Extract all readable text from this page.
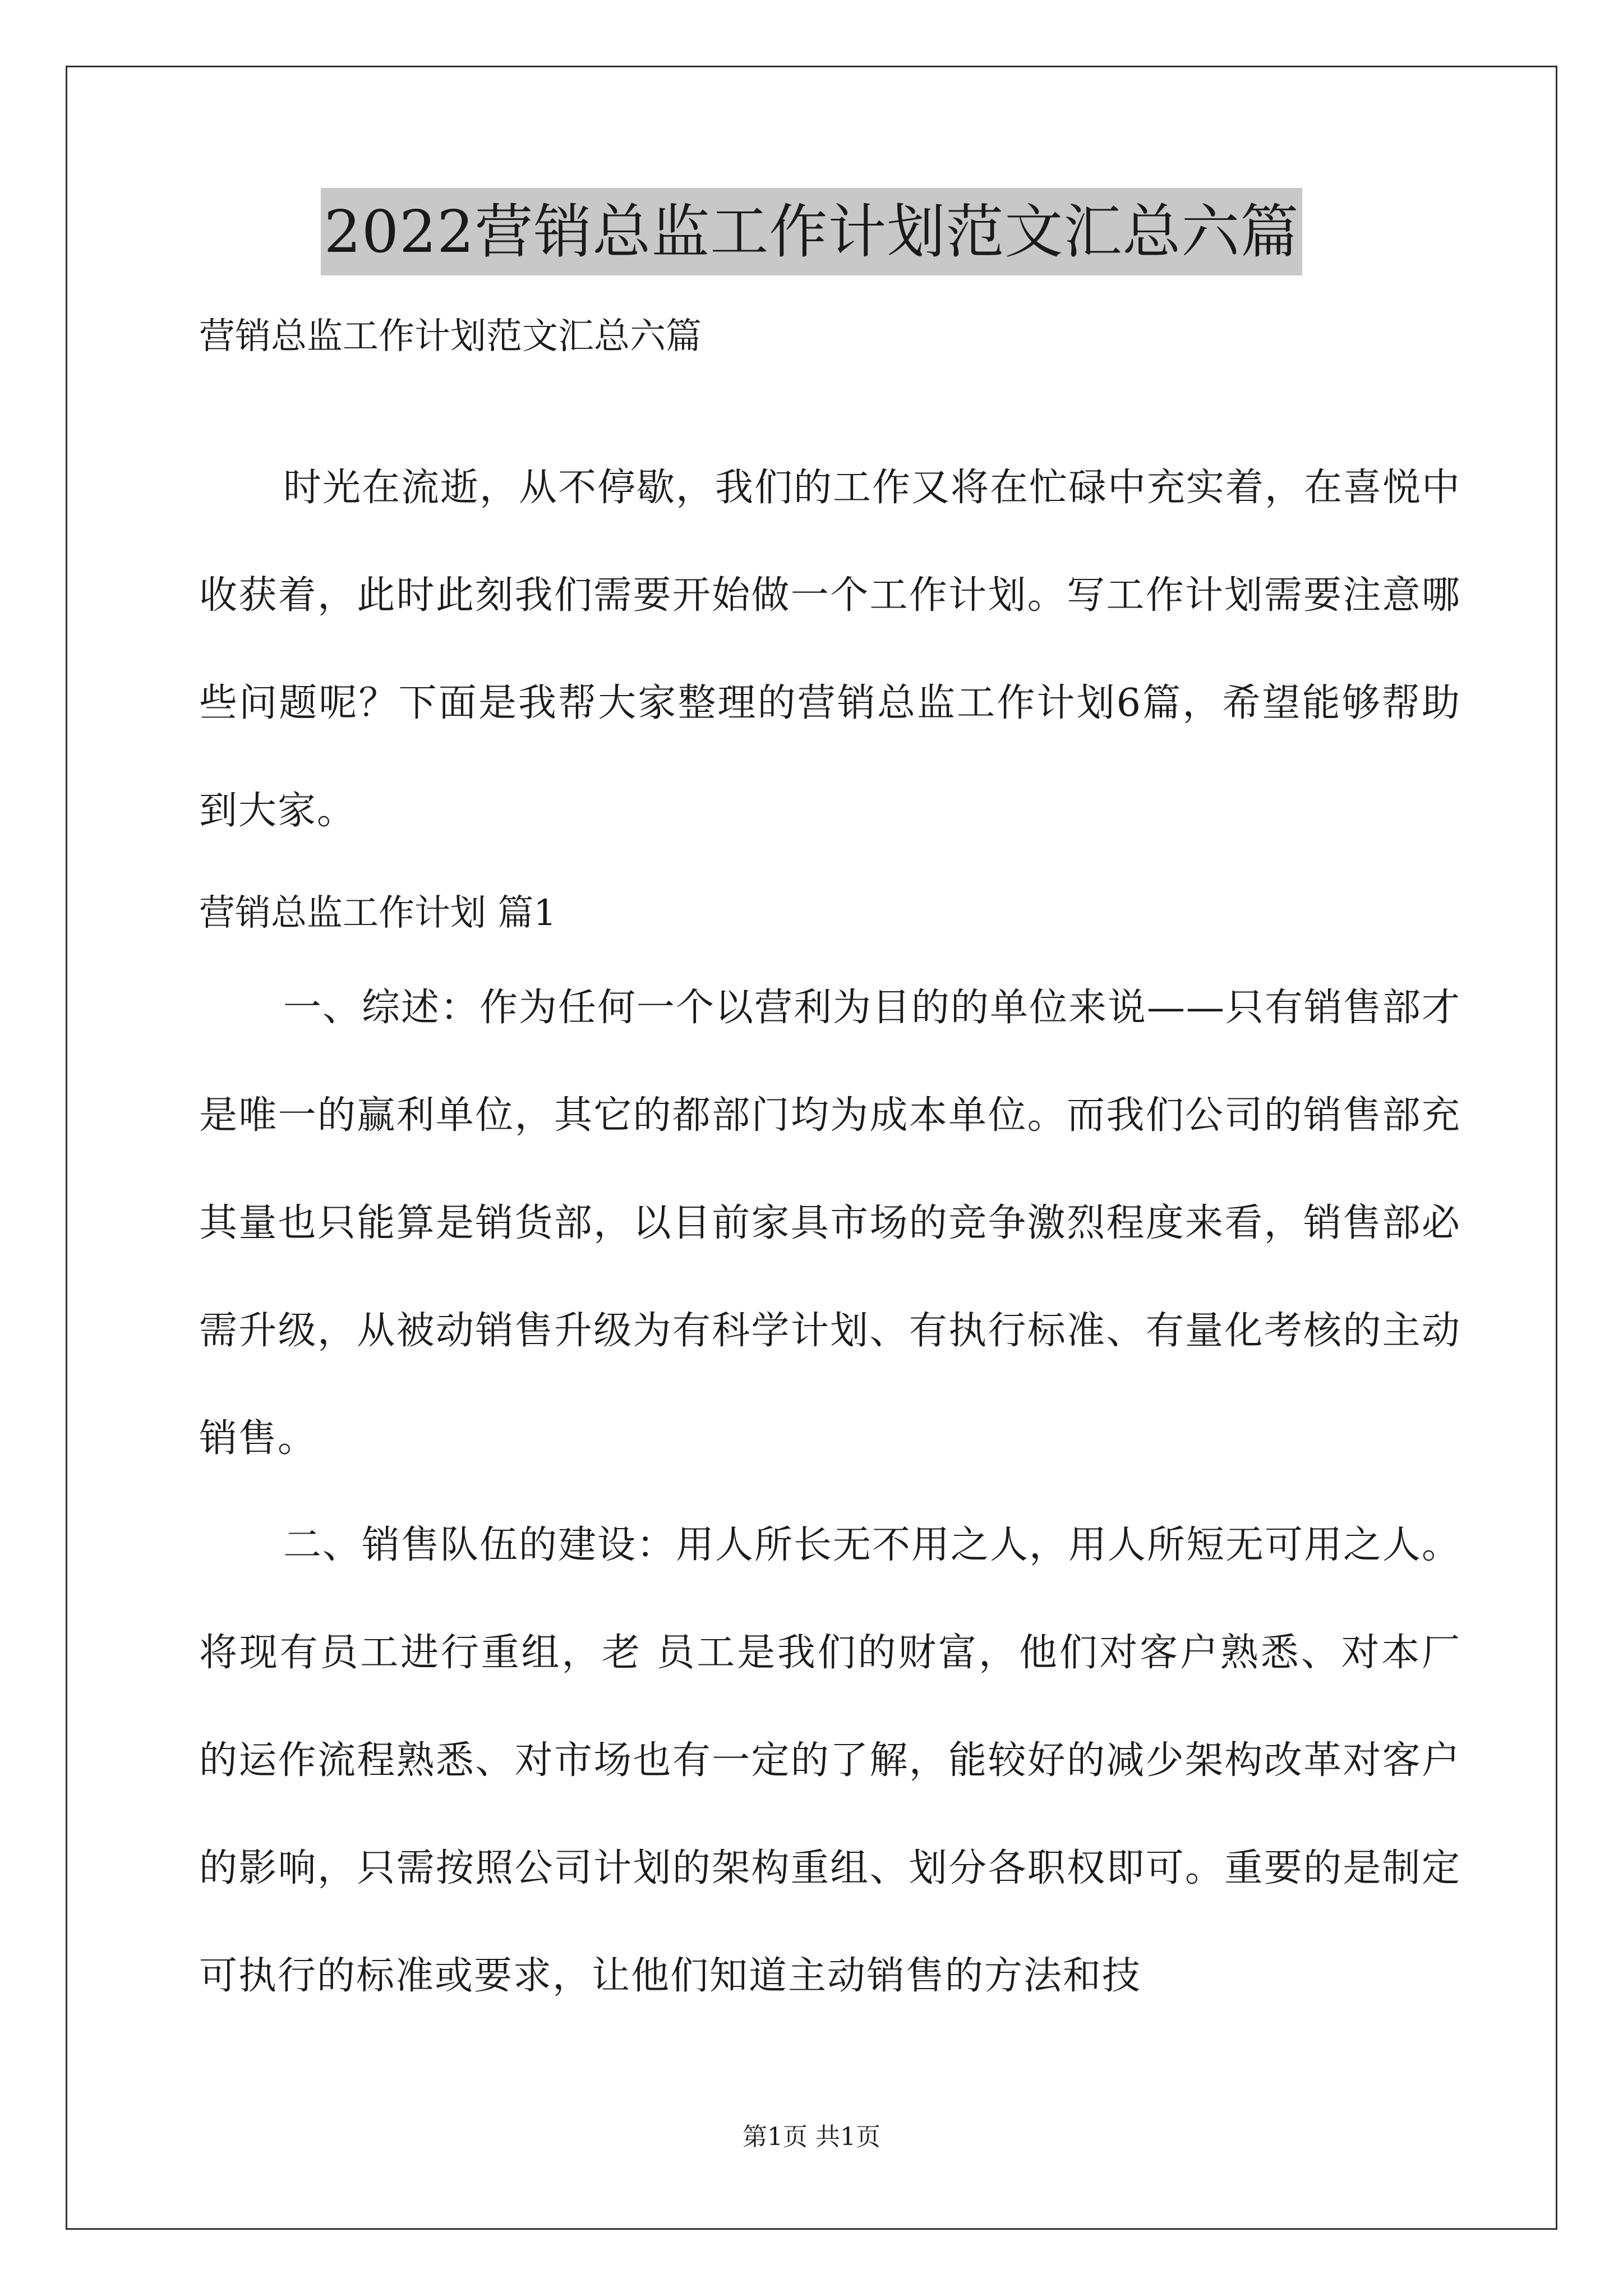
2022营销总监工作计划范文汇总六篇
营销总监工作计划范文汇总六篇

时光在流逝，从不停歇，我们的工作又将在忙碌中充实着，在喜悦中收获着，此时此刻我们需要开始做一个工作计划。写工作计划需要注意哪些问题呢？下面是我帮大家整理的营销总监工作计划6篇，希望能够帮助到大家。

营销总监工作计划 篇1

一、综述：作为任何一个以营利为目的的单位来说——只有销售部才是唯一的赢利单位，其它的都部门均为成本单位。而我们公司的销售部充其量也只能算是销货部，以目前家具市场的竞争激烈程度来看，销售部必需升级，从被动销售升级为有科学计划、有执行标准、有量化考核的主动销售。

二、销售队伍的建设：用人所长无不用之人，用人所短无可用之人。将现有员工进行重组，老 员工是我们的财富，他们对客户熟悉、对本厂的运作流程熟悉、对市场也有一定的了解，能较好的减少架构改革对客户的影响，只需按照公司计划的架构重组、划分各职权即可。重要的是制定可执行的标准或要求，让他们知道主动销售的方法和技

第1页 共1页
